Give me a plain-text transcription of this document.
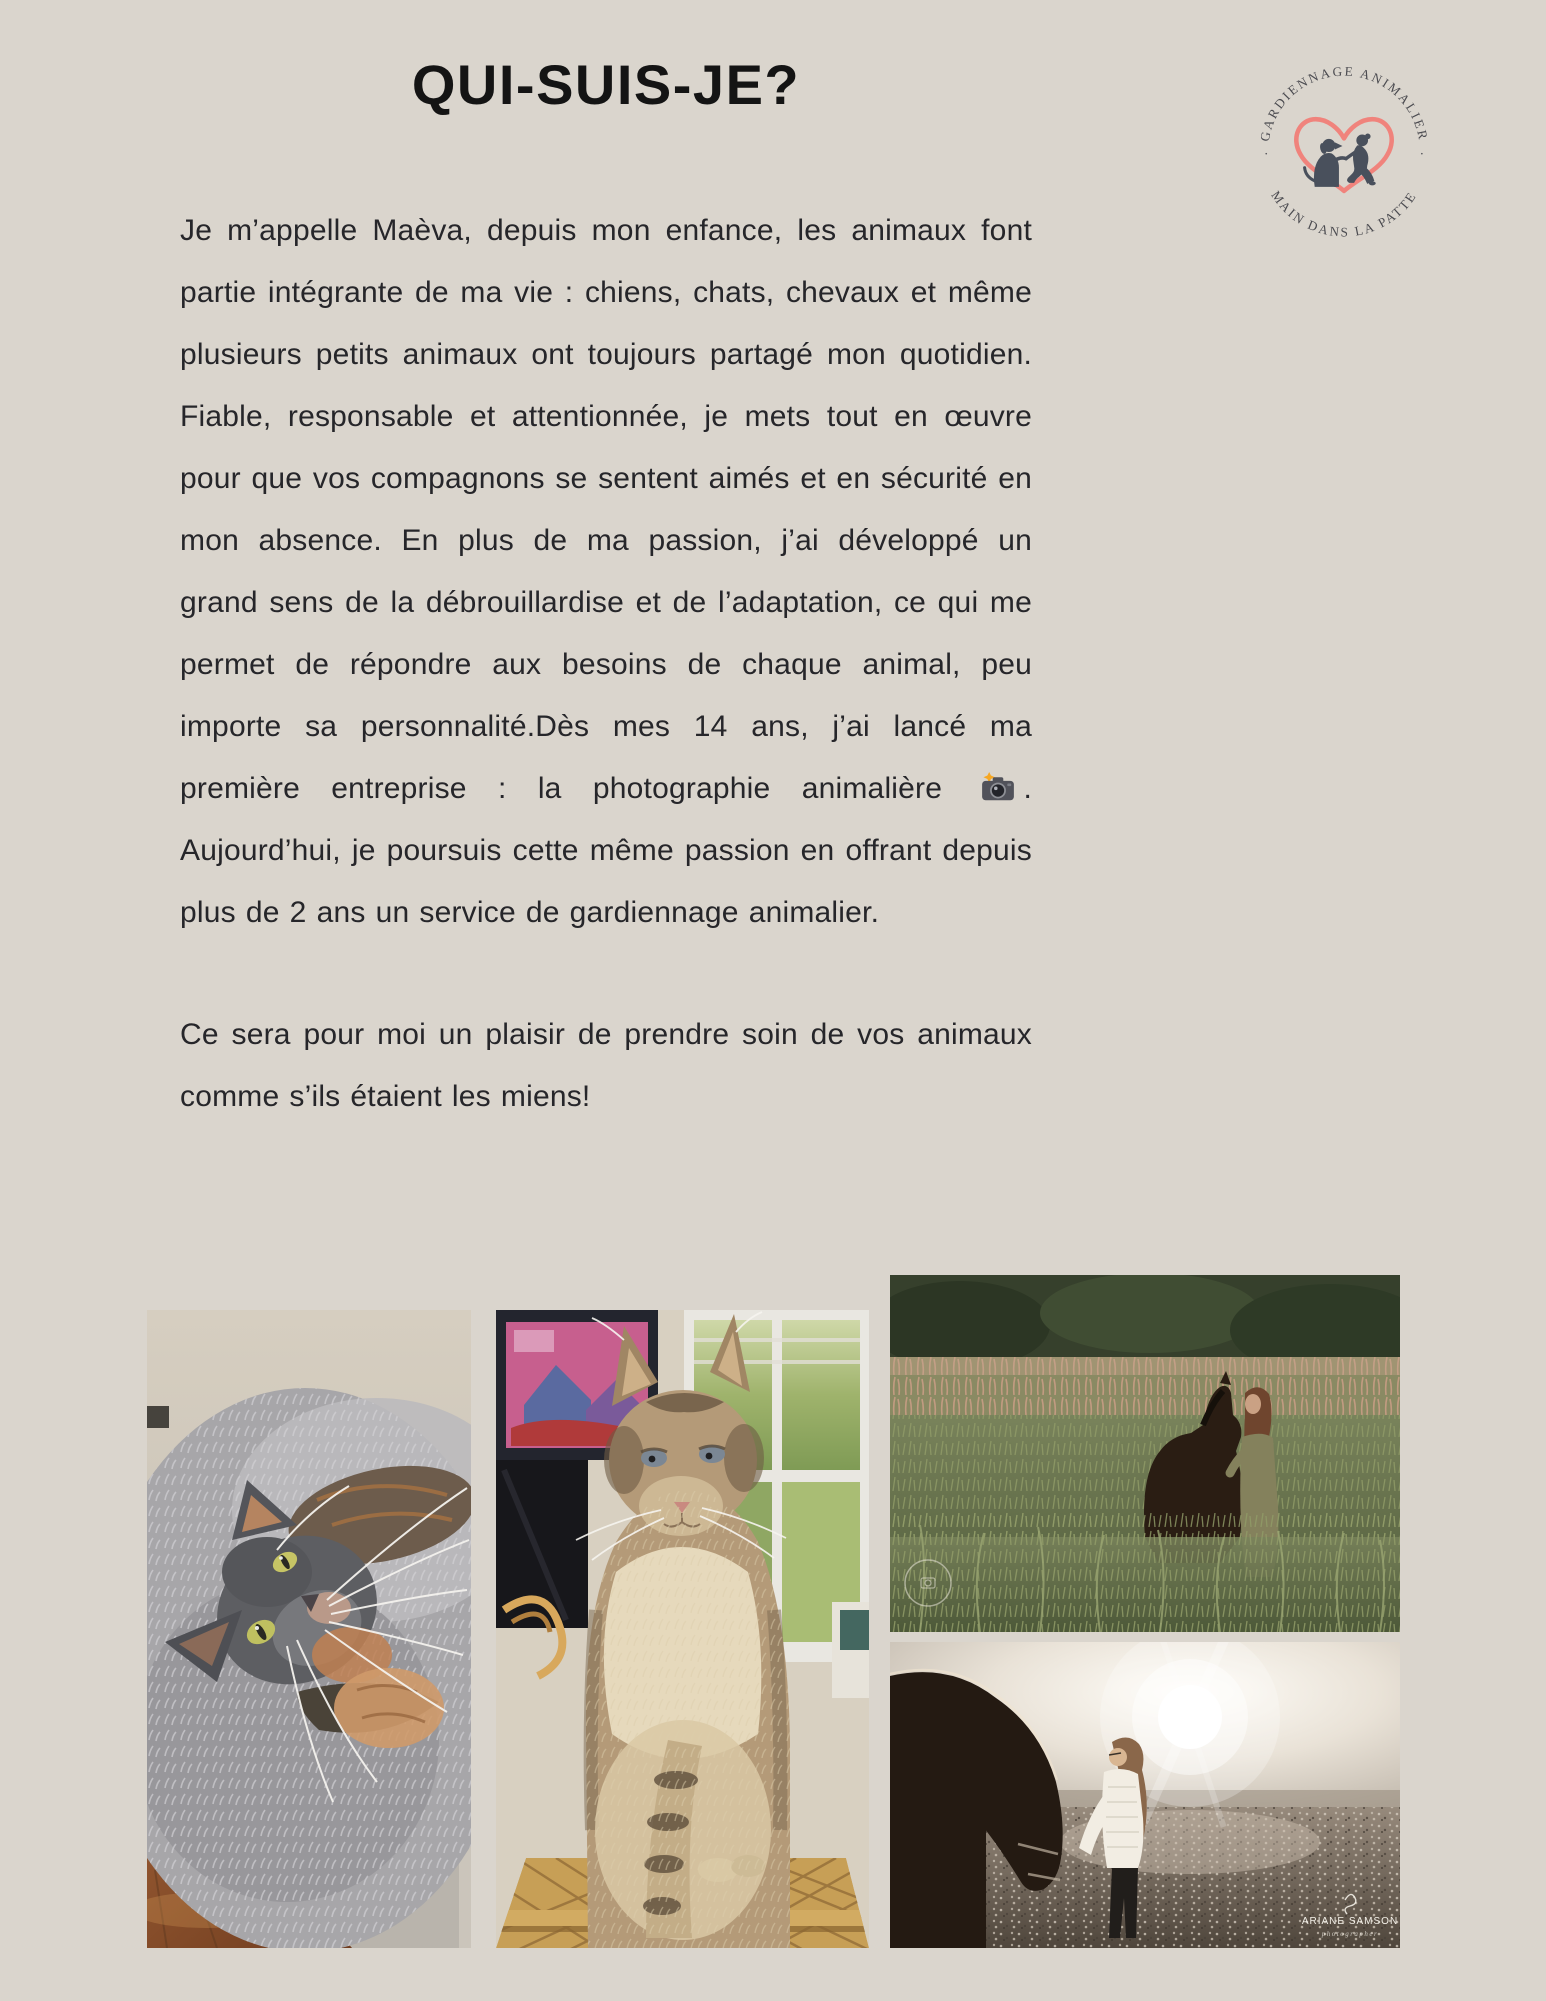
QUI-SUIS-JE?
GARDIENNAGE ANIMALIER
MAIN DANS LA PATTE
·	·

Je m’appelle Maèva, depuis mon enfance, les animaux font partie intégrante de ma vie : chiens, chats, chevaux et même plusieurs petits animaux ont toujours partagé mon quotidien. Fiable, responsable et attentionnée, je mets tout en œuvre pour que vos compagnons se sentent aimés et en sécurité en mon absence. En plus de ma passion, j’ai développé un grand sens de la débrouillardise et de l’adaptation, ce qui me permet de répondre aux besoins de chaque animal, peu importe sa personnalité.Dès mes 14 ans, j’ai lancé ma première entreprise : la photographie animalière	. Aujourd’hui, je poursuis cette même passion en offrant depuis plus de 2 ans un service de gardiennage animalier.

Ce sera pour moi un plaisir de prendre soin de vos animaux comme s’ils étaient les miens!

ARIANE SAMSON
photographer
